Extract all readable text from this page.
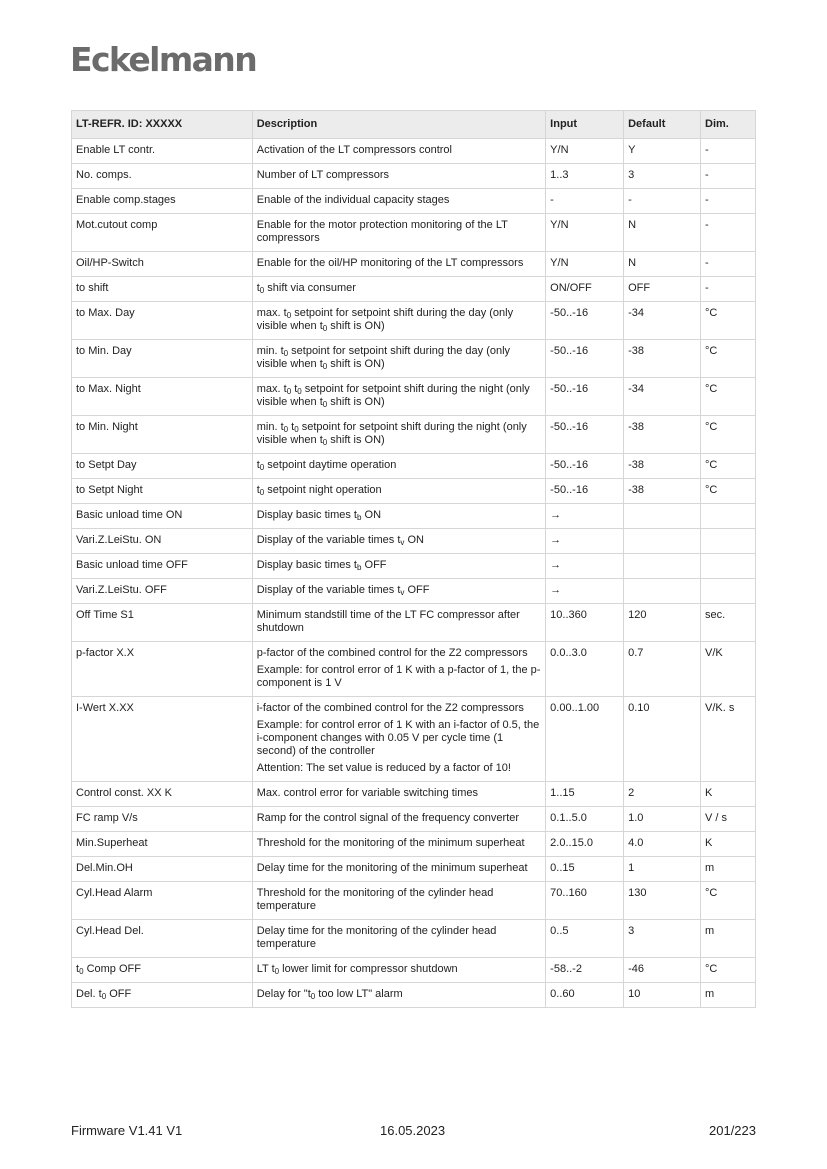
Eckelmann
LT-REFR. ID: XXXXX	Description	Input	Default	Dim.
Enable LT contr.	Activation of the LT compressors control	Y/N	Y	-
No. comps.	Number of LT compressors	1..3	3	-
Enable comp.stages	Enable of the individual capacity stages	-	-	-
Mot.cutout comp	Enable for the motor protection monitoring of the LT compressors	Y/N	N	-
Oil/HP-Switch	Enable for the oil/HP monitoring of the LT compressors	Y/N	N	-
to shift	$t_0$ shift via consumer	ON/OFF	OFF	-
to Max. Day	max. $t_0$ setpoint for setpoint shift during the day (only visible when $t_0$ shift is ON)	-50..-16	-34	°C
to Min. Day	min. $t_0$ setpoint for setpoint shift during the day (only visible when $t_0$ shift is ON)	-50..-16	-38	°C
to Max. Night	max. $t_0$ $t_0$ setpoint for setpoint shift during the night (only visible when $t_0$ shift is ON)	-50..-16	-34	°C
to Min. Night	min. $t_0$ $t_0$ setpoint for setpoint shift during the night (only visible when $t_0$ shift is ON)	-50..-16	-38	°C
to Setpt Day	$t_0$ setpoint daytime operation	-50..-16	-38	°C
to Setpt Night	$t_0$ setpoint night operation	-50..-16	-38	°C
Basic unload time ON	Display basic times $t_b$ ON	→		
Vari.Z.LeiStu. ON	Display of the variable times $t_v$ ON	→		
Basic unload time OFF	Display basic times $t_b$ OFF	→		
Vari.Z.LeiStu. OFF	Display of the variable times $t_v$ OFF	→		
Off Time S1	Minimum standstill time of the LT FC compressor after shutdown	10..360	120	sec.
p-factor X.X	p-factor of the combined control for the Z2 compressors

Example: for control error of 1 K with a p-factor of 1, the p-component is 1 V	0.0..3.0	0.7	V/K
I-Wert X.XX	i-factor of the combined control for the Z2 compressors

Example: for control error of 1 K with an i-factor of 0.5, the i-component changes with 0.05 V per cycle time (1 second) of the controller

Attention: The set value is reduced by a factor of 10!	0.00..1.00	0.10	V/K. s
Control const. XX K	Max. control error for variable switching times	1..15	2	K
FC ramp V/s	Ramp for the control signal of the frequency converter	0.1..5.0	1.0	V / s
Min.Superheat	Threshold for the monitoring of the minimum superheat	2.0..15.0	4.0	K
Del.Min.OH	Delay time for the monitoring of the minimum superheat	0..15	1	m
Cyl.Head Alarm	Threshold for the monitoring of the cylinder head temperature	70..160	130	°C
Cyl.Head Del.	Delay time for the monitoring of the cylinder head temperature	0..5	3	m
$t_0$ Comp OFF	LT $t_0$ lower limit for compressor shutdown	-58..-2	-46	°C
Del. $t_0$ OFF	Delay for "$t_0$ too low LT" alarm	0..60	10	m
Firmware V1.41 V1	16.05.2023	201/223
